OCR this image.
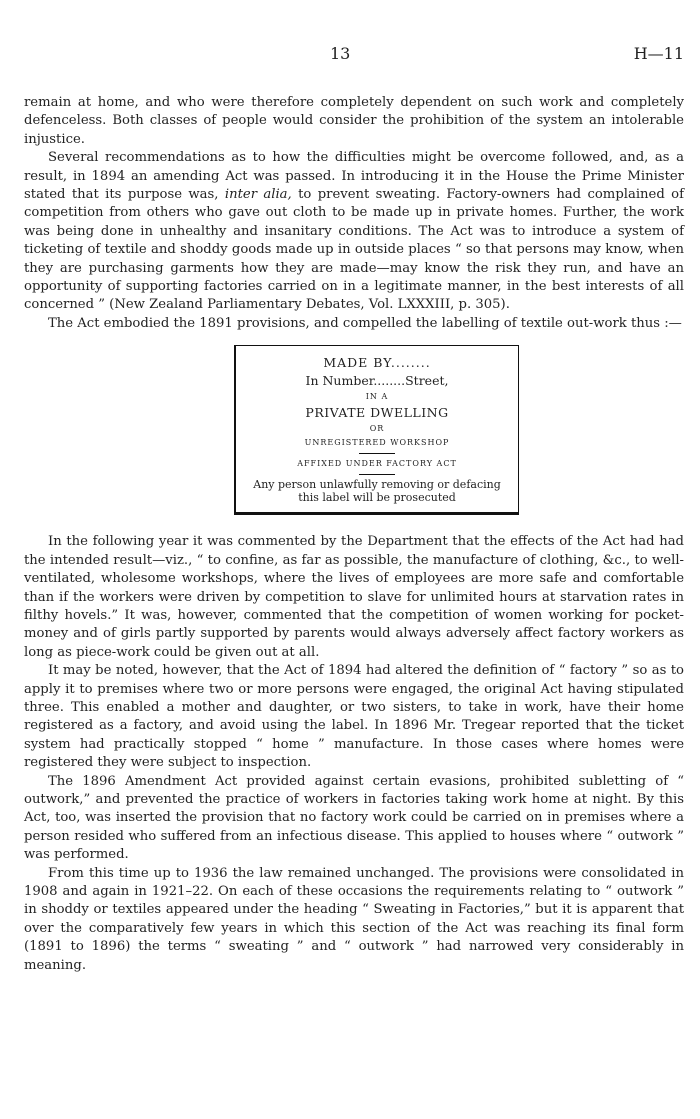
13	H—11

remain at home, and who were therefore completely dependent on such work and completely defenceless. Both classes of people would consider the prohibition of the system an intolerable injustice.

Several recommendations as to how the difficulties might be overcome followed, and, as a result, in 1894 an amending Act was passed. In introducing it in the House the Prime Minister stated that its purpose was, inter alia, to prevent sweating. Factory-owners had complained of competition from others who gave out cloth to be made up in private homes. Further, the work was being done in unhealthy and insanitary conditions. The Act was to introduce a system of ticketing of textile and shoddy goods made up in outside places “ so that persons may know, when they are purchasing garments how they are made—may know the risk they run, and have an opportunity of supporting factories carried on in a legitimate manner, in the best interests of all concerned ” (New Zealand Parliamentary Debates, Vol. LXXXIII, p. 305).

The Act embodied the 1891 provisions, and compelled the labelling of textile out-work thus :—

MADE BY........

In Number........Street,

IN A

PRIVATE DWELLING

OR

UNREGISTERED WORKSHOP

AFFIXED UNDER FACTORY ACT

Any person unlawfully removing or defacing this label will be prosecuted

In the following year it was commented by the Department that the effects of the Act had had the intended result—viz., “ to confine, as far as possible, the manufacture of clothing, &c., to well-ventilated, wholesome workshops, where the lives of employees are more safe and comfortable than if the workers were driven by competition to slave for unlimited hours at starvation rates in filthy hovels.” It was, however, commented that the competition of women working for pocket-money and of girls partly supported by parents would always adversely affect factory workers as long as piece-work could be given out at all.

It may be noted, however, that the Act of 1894 had altered the definition of “ factory ” so as to apply it to premises where two or more persons were engaged, the original Act having stipulated three. This enabled a mother and daughter, or two sisters, to take in work, have their home registered as a factory, and avoid using the label. In 1896 Mr. Tregear reported that the ticket system had practically stopped “ home ” manufacture. In those cases where homes were registered they were subject to inspection.

The 1896 Amendment Act provided against certain evasions, prohibited subletting of “ outwork,” and prevented the practice of workers in factories taking work home at night. By this Act, too, was inserted the provision that no factory work could be carried on in premises where a person resided who suffered from an infectious disease. This applied to houses where “ outwork ” was performed.

From this time up to 1936 the law remained unchanged. The provisions were consolidated in 1908 and again in 1921–22. On each of these occasions the requirements relating to “ outwork ” in shoddy or textiles appeared under the heading “ Sweating in Factories,” but it is apparent that over the comparatively few years in which this section of the Act was reaching its final form (1891 to 1896) the terms “ sweating ” and “ outwork ” had narrowed very considerably in meaning.
